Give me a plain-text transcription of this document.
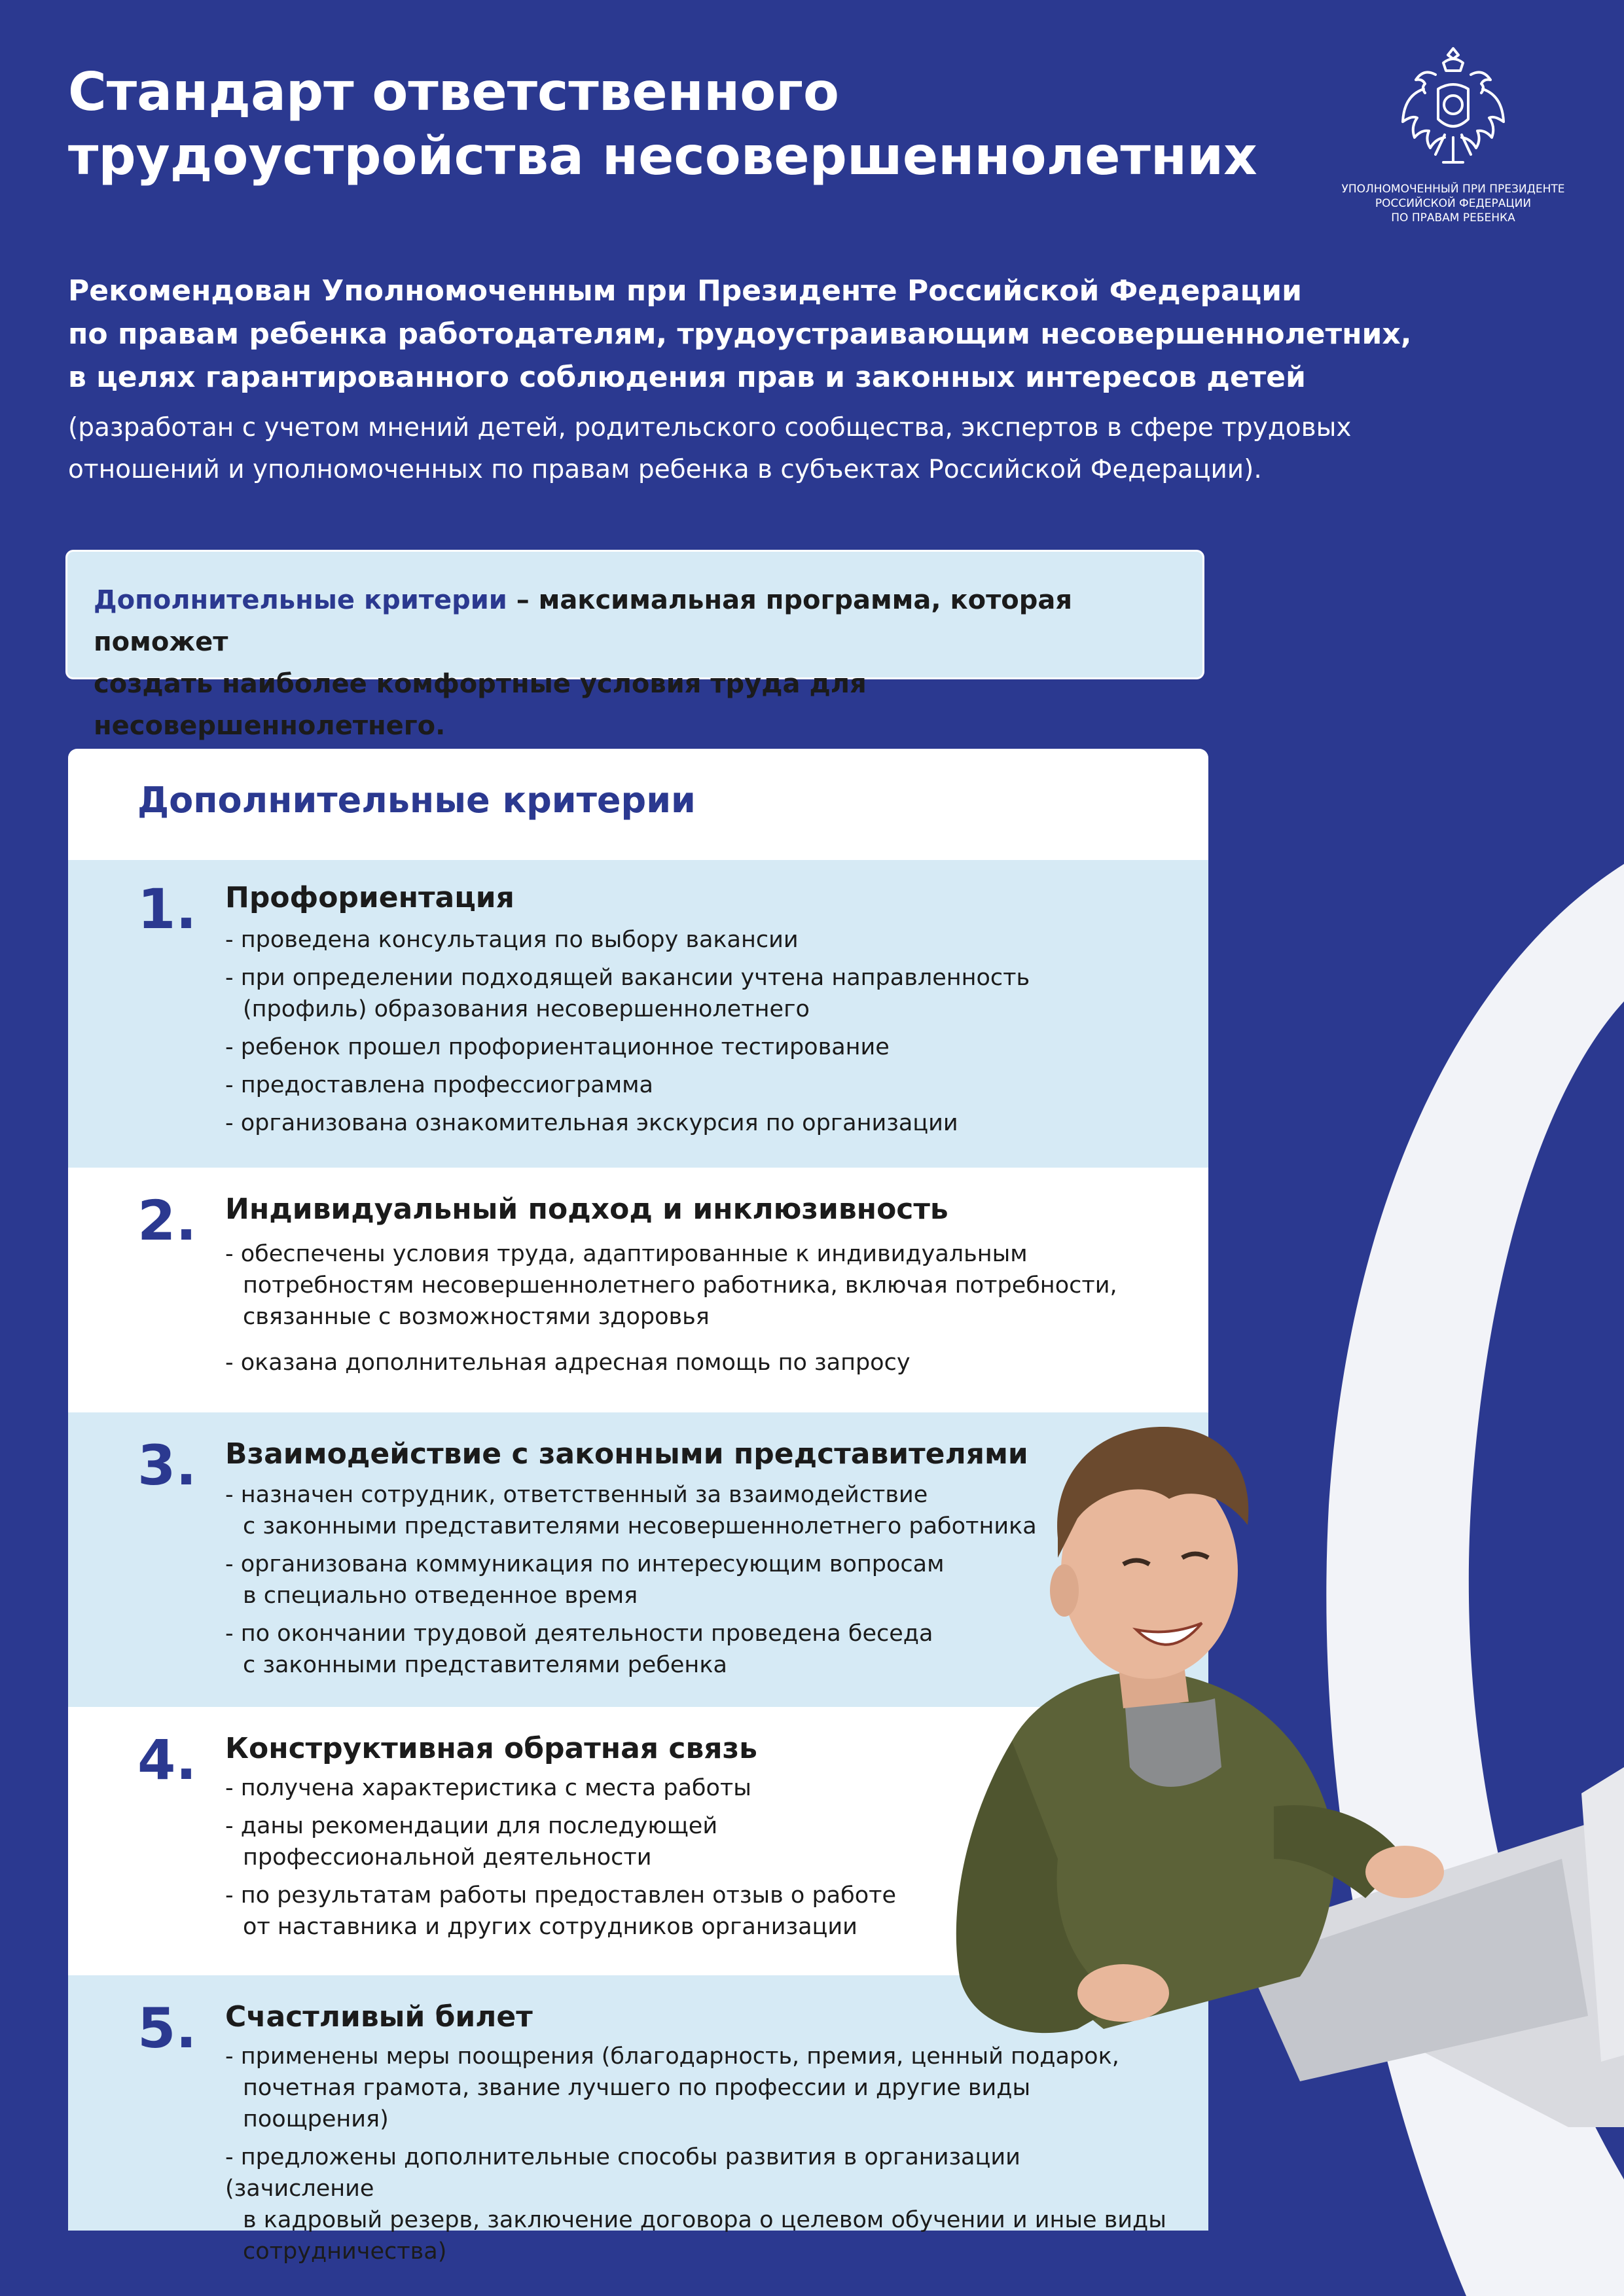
Стандарт ответственного
трудоустройства несовершеннолетних
УПОЛНОМОЧЕННЫЙ ПРИ ПРЕЗИДЕНТЕ
РОССИЙСКОЙ ФЕДЕРАЦИИ
ПО ПРАВАМ РЕБЕНКА
Рекомендован Уполномоченным при Президенте Российской Федерации
по правам ребенка работодателям, трудоустраивающим несовершеннолетних,
в целях гарантированного соблюдения прав и законных интересов детей
(разработан с учетом мнений детей, родительского сообщества, экспертов в сфере трудовых
отношений и уполномоченных по правам ребенка в субъектах Российской Федерации).
Дополнительные критерии – максимальная программа, которая поможет
создать наиболее комфортные условия труда для несовершеннолетнего.
Дополнительные критерии
1. Профориентация
- проведена консультация по выбору вакансии
- при определении подходящей вакансии учтена направленность
(профиль) образования несовершеннолетнего
- ребенок прошел профориентационное тестирование
- предоставлена профессиограмма
- организована ознакомительная экскурсия по организации
2. Индивидуальный подход и инклюзивность
- обеспечены условия труда, адаптированные к индивидуальным
потребностям несовершеннолетнего работника, включая потребности,
связанные с возможностями здоровья
- оказана дополнительная адресная помощь по запросу
3. Взаимодействие с законными представителями
- назначен сотрудник, ответственный за взаимодействие
с законными представителями несовершеннолетнего работника
- организована коммуникация по интересующим вопросам
в специально отведенное время
- по окончании трудовой деятельности проведена беседа
с законными представителями ребенка
4. Конструктивная обратная связь
- получена характеристика с места работы
- даны рекомендации для последующей
профессиональной деятельности
- по результатам работы предоставлен отзыв о работе
от наставника и других сотрудников организации
5. Счастливый билет
- применены меры поощрения (благодарность, премия, ценный подарок,
почетная грамота, звание лучшего по профессии и другие виды поощрения)
- предложены дополнительные способы развития в организации (зачисление
в кадровый резерв, заключение договора о целевом обучении и иные виды
сотрудничества)
